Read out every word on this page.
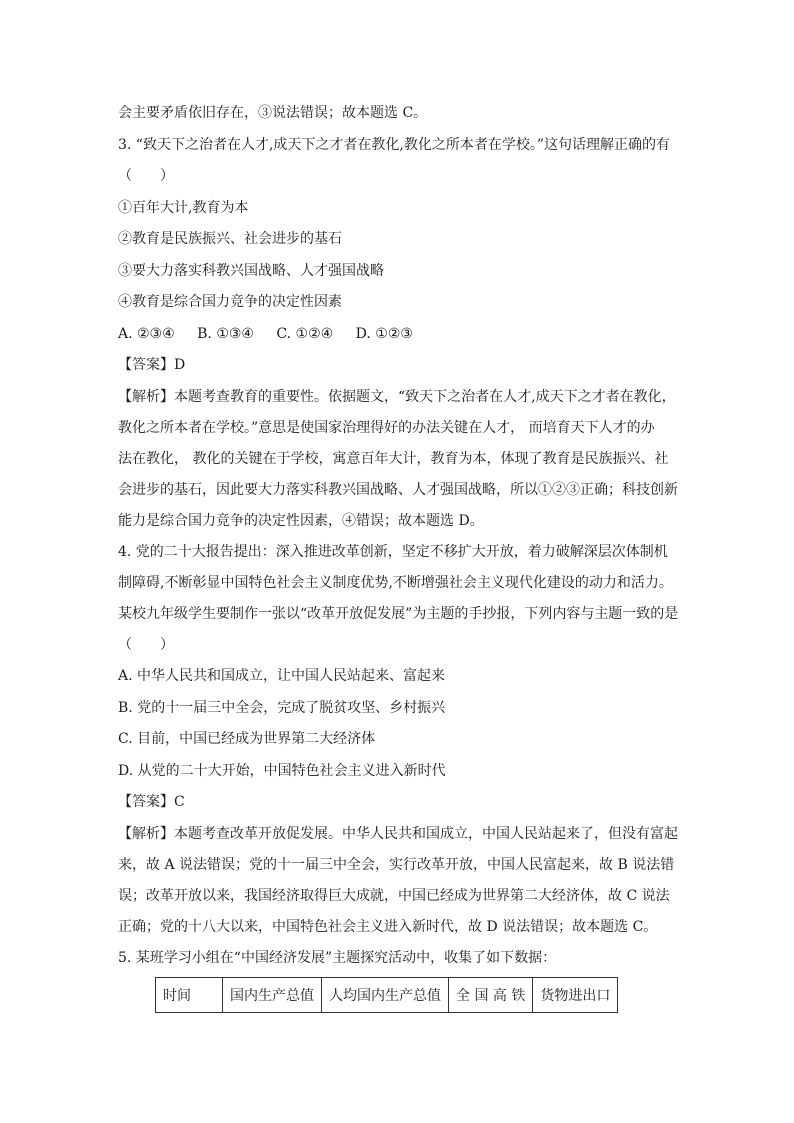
会主要矛盾依旧存在，③说法错误；故本题选 C。
3. “致天下之治者在人才,成天下之才者在教化,教化之所本者在学校。”这句话理解正确的有
（　　）
①百年大计,教育为本
②教育是民族振兴、社会进步的基石
③要大力落实科教兴国战略、人才强国战略
④教育是综合国力竞争的决定性因素
A. ②③④ B. ①③④ C. ①②④ D. ①②③
【答案】D
【解析】本题考查教育的重要性。依据题文，“致天下之治者在人才,成天下之才者在教化，
教化之所本者在学校。”意思是使国家治理得好的办法关键在人才， 而培育天下人才的办
法在教化， 教化的关键在于学校，寓意百年大计，教育为本，体现了教育是民族振兴、社
会进步的基石，因此要大力落实科教兴国战略、人才强国战略，所以①②③正确；科技创新
能力是综合国力竞争的决定性因素，④错误；故本题选 D。
4. 党的二十大报告提出：深入推进改革创新，坚定不移扩大开放，着力破解深层次体制机
制障碍,不断彰显中国特色社会主义制度优势,不断增强社会主义现代化建设的动力和活力。
某校九年级学生要制作一张以“改革开放促发展”为主题的手抄报，下列内容与主题一致的是
（　　）
A. 中华人民共和国成立，让中国人民站起来、富起来
B. 党的十一届三中全会，完成了脱贫攻坚、乡村振兴
C. 目前，中国已经成为世界第二大经济体
D. 从党的二十大开始，中国特色社会主义进入新时代
【答案】C
【解析】本题考查改革开放促发展。中华人民共和国成立，中国人民站起来了，但没有富起
来，故 A 说法错误；党的十一届三中全会，实行改革开放，中国人民富起来，故 B 说法错
误；改革开放以来，我国经济取得巨大成就，中国已经成为世界第二大经济体，故 C 说法
正确；党的十八大以来，中国特色社会主义进入新时代，故 D 说法错误；故本题选 C。
5. 某班学习小组在“中国经济发展”主题探究活动中，收集了如下数据：
时间	国内生产总值	人均国内生产总值	全 国 高 铁	货物进出口
